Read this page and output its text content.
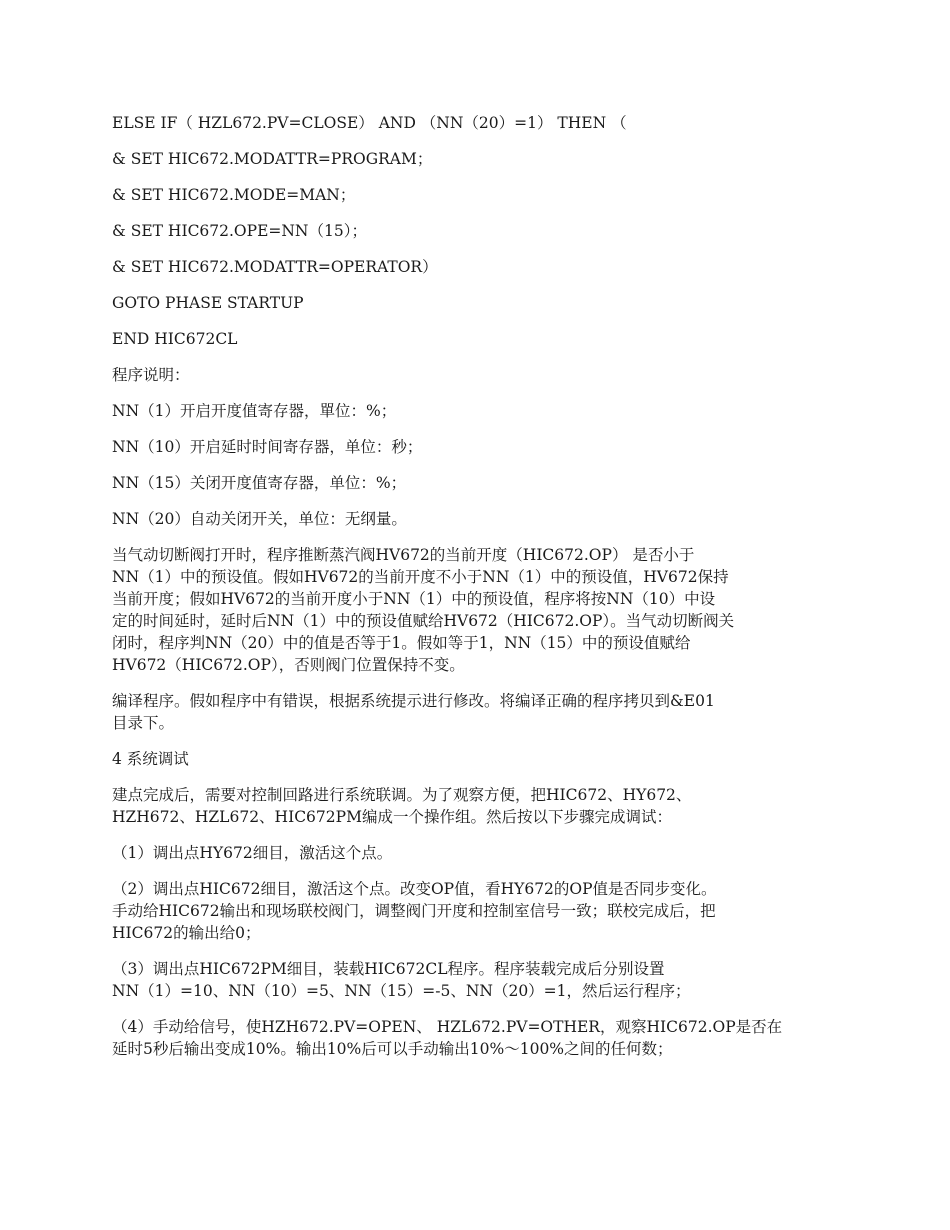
ELSE IF（ HZL672.PV=CLOSE） AND （NN（20）=1） THEN （

& SET HIC672.MODATTR=PROGRAM；

& SET HIC672.MODE=MAN；

& SET HIC672.OPE=NN（15）；

& SET HIC672.MODATTR=OPERATOR）

GOTO PHASE STARTUP

END HIC672CL

程序说明：

NN（1）开启开度值寄存器，單位：%；

NN（10）开启延时时间寄存器，单位：秒；

NN（15）关闭开度值寄存器，单位：%；

NN（20）自动关闭开关，单位：无纲量。

当气动切断阀打开时，程序推断蒸汽阀HV672的当前开度（HIC672.OP） 是否小于
NN（1）中的预设值。假如HV672的当前开度不小于NN（1）中的预设值，HV672保持
当前开度；假如HV672的当前开度小于NN（1）中的预设值，程序将按NN（10）中设
定的时间延时，延时后NN（1）中的预设值赋给HV672（HIC672.OP）。当气动切断阀关
闭时，程序判NN（20）中的值是否等于1。假如等于1，NN（15）中的预设值赋给
HV672（HIC672.OP），否则阀门位置保持不变。
编译程序。假如程序中有错误，根据系统提示进行修改。将编译正确的程序拷贝到&E01
目录下。

4 系统调试

建点完成后，需要对控制回路进行系统联调。为了观察方便，把HIC672、HY672、
HZH672、HZL672、HIC672PM编成一个操作组。然后按以下步骤完成调试：
（1）调出点HY672细目，激活这个点。
（2）调出点HIC672细目，激活这个点。改变OP值，看HY672的OP值是否同步变化。
手动给HIC672输出和现场联校阀门，调整阀门开度和控制室信号一致；联校完成后，把
HIC672的输出给0；
（3）调出点HIC672PM细目，装载HIC672CL程序。程序装载完成后分别设置
NN（1）=10、NN（10）=5、NN（15）=-5、NN（20）=1，然后运行程序；
（4）手动给信号，使HZH672.PV=OPEN、 HZL672.PV=OTHER，观察HIC672.OP是否在
延时5秒后输出变成10%。输出10%后可以手动输出10%～100%之间的任何数；
